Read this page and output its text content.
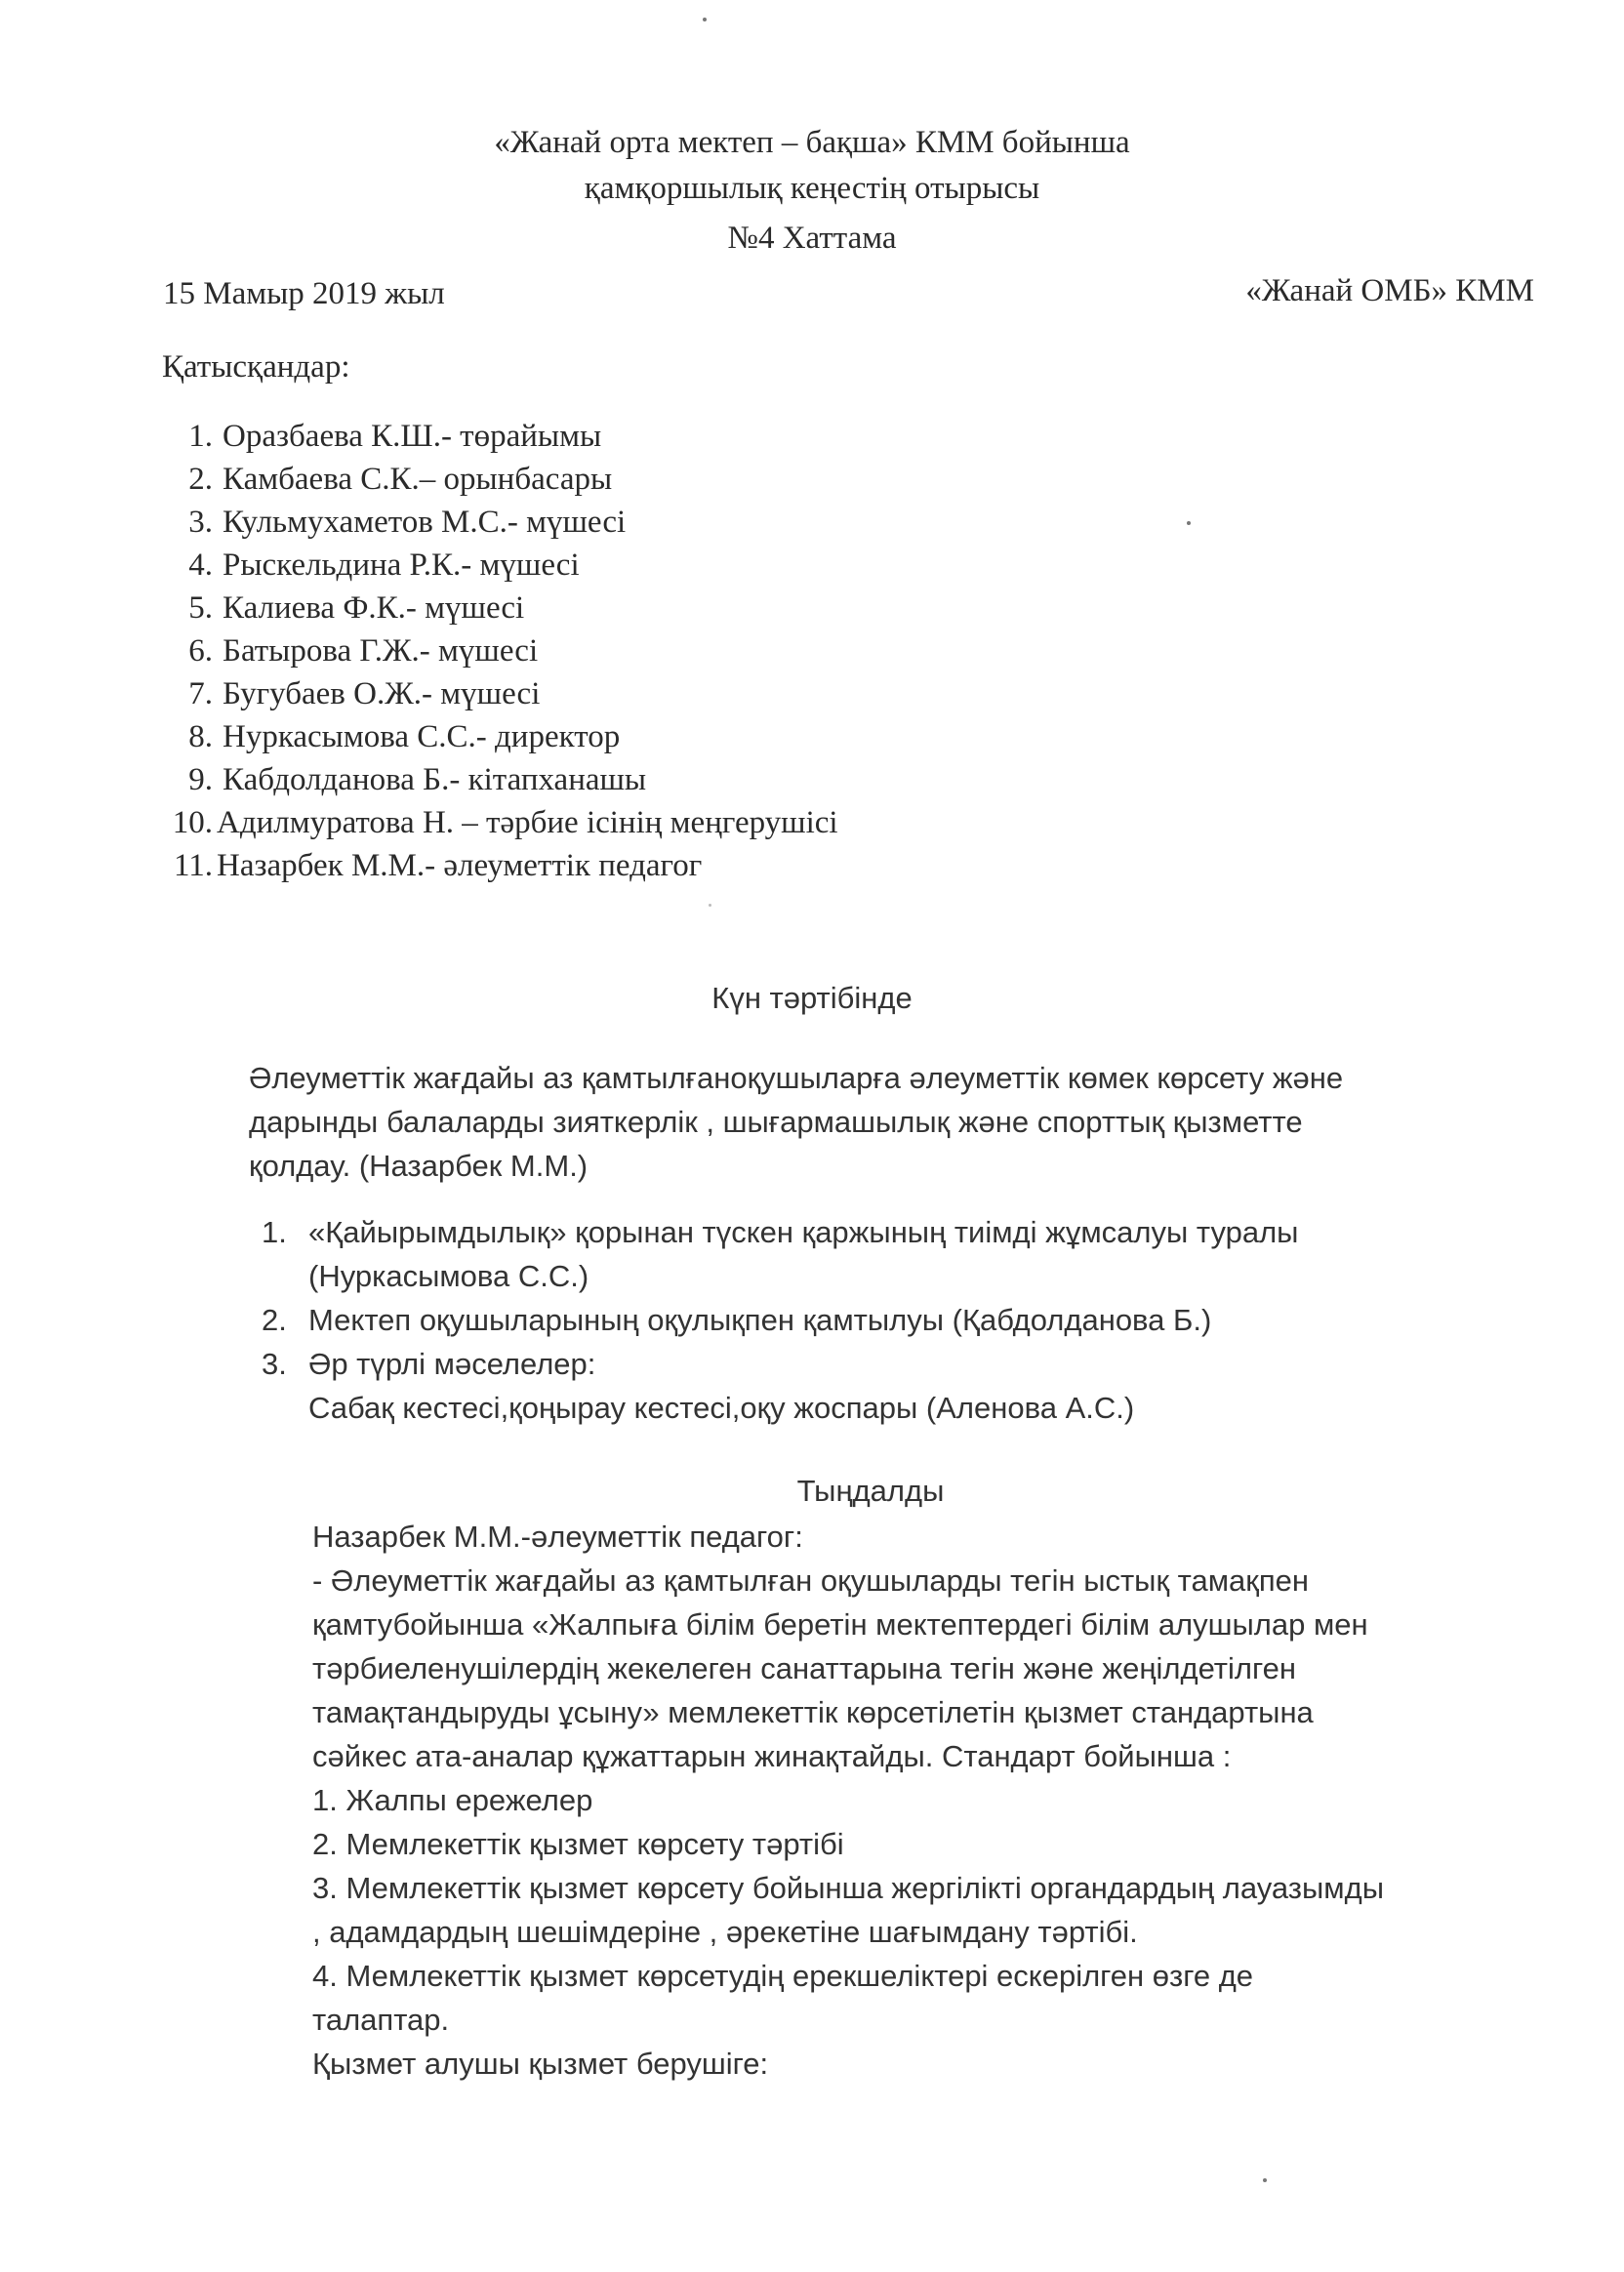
«Жанай орта мектеп – бақша» КММ бойынша
қамқоршылық кеңестің отырысы
№4 Хаттама
15 Мамыр 2019 жыл	«Жанай ОМБ» КММ
Қатысқандар:
1. Оразбаева К.Ш.- төрайымы
2. Камбаева С.К.– орынбасары
3. Кульмухаметов М.С.- мүшесі
4. Рыскельдина Р.К.- мүшесі
5. Калиева Ф.К.- мүшесі
6. Батырова Г.Ж.- мүшесі
7. Бугубаев О.Ж.- мүшесі
8. Нуркасымова С.С.- директор
9. Кабдолданова Б.- кітапханашы
10. Адилмуратова Н. – тәрбие ісінің меңгерушісі
11. Назарбек М.М.- әлеуметтік педагог
Күн тәртібінде
Әлеуметтік жағдайы аз қамтылғаноқушыларға әлеуметтік көмек көрсету және
дарынды балаларды зияткерлік , шығармашылық және спорттық қызметте
қолдау. (Назарбек М.М.)
1. «Қайырымдылық» қорынан түскен қаржының тиімді жұмсалуы туралы
(Нуркасымова С.С.)
2. Мектеп оқушыларының оқулықпен қамтылуы (Қабдолданова Б.)
3. Әр түрлі мәселелер:
Сабақ кестесі,қоңырау кестесі,оқу жоспары (Аленова А.С.)
Тыңдалды
Назарбек М.М.-әлеуметтік педагог:
- Әлеуметтік жағдайы аз қамтылған оқушыларды тегін ыстық тамақпен
қамтубойынша «Жалпыға білім беретін мектептердегі білім алушылар мен
тәрбиеленушілердің жекелеген санаттарына тегін және жеңілдетілген
тамақтандыруды ұсыну» мемлекеттік көрсетілетін қызмет стандартына
сәйкес ата-аналар құжаттарын жинақтайды. Стандарт бойынша :
1. Жалпы ережелер
2. Мемлекеттік қызмет көрсету тәртібі
3. Мемлекеттік қызмет көрсету бойынша жергілікті органдардың лауазымды
, адамдардың шешімдеріне , әрекетіне шағымдану тәртібі.
4. Мемлекеттік қызмет көрсетудің ерекшеліктері ескерілген өзге де
талаптар.
Қызмет алушы қызмет берушіге:
